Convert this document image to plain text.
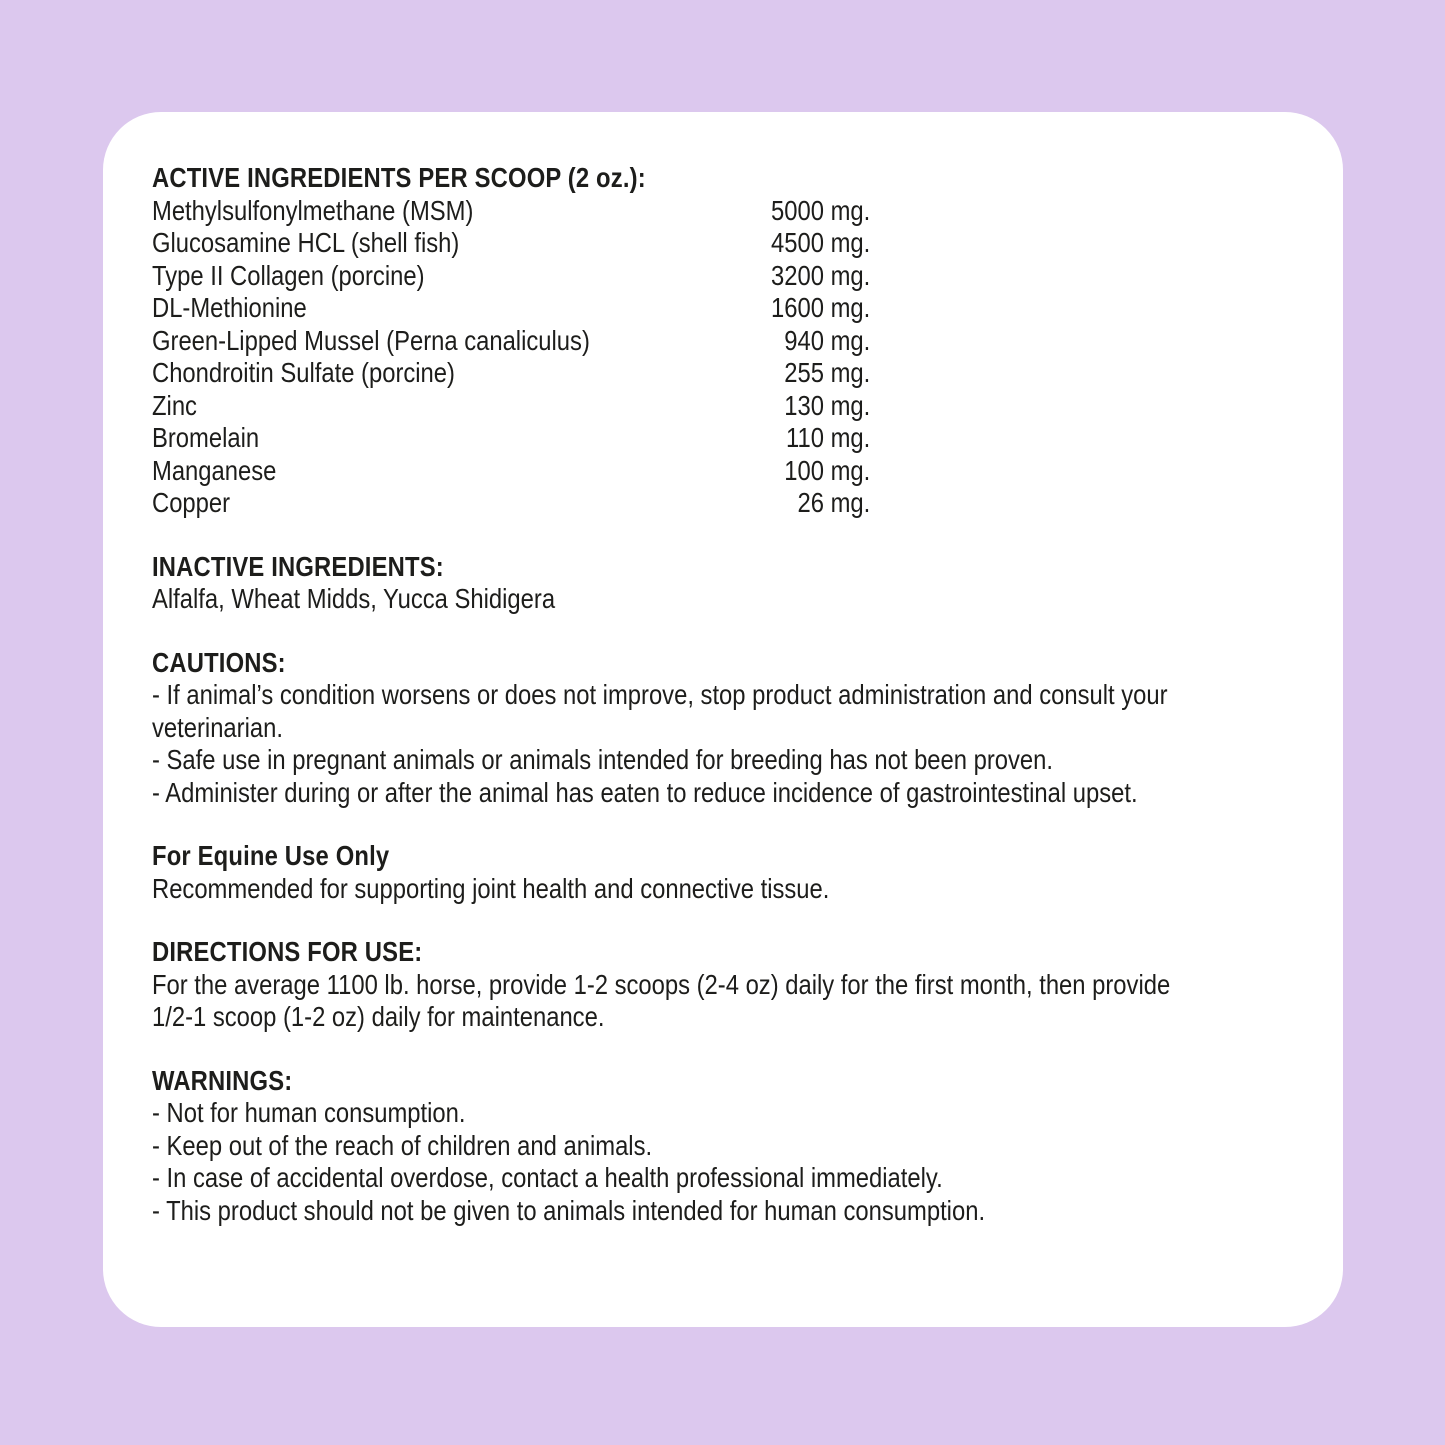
ACTIVE INGREDIENTS PER SCOOP (2 oz.):
Methylsulfonylmethane (MSM)	5000 mg.
Glucosamine HCL (shell fish)	4500 mg.
Type II Collagen (porcine)	3200 mg.
DL-Methionine	1600 mg.
Green-Lipped Mussel (Perna canaliculus)	940 mg.
Chondroitin Sulfate (porcine)	255 mg.
Zinc	130 mg.
Bromelain	110 mg.
Manganese	100 mg.
Copper	26 mg.
INACTIVE INGREDIENTS:
Alfalfa, Wheat Midds, Yucca Shidigera
CAUTIONS:
- If animal’s condition worsens or does not improve, stop product administration and consult your
veterinarian.
- Safe use in pregnant animals or animals intended for breeding has not been proven.
- Administer during or after the animal has eaten to reduce incidence of gastrointestinal upset.
For Equine Use Only
Recommended for supporting joint health and connective tissue.
DIRECTIONS FOR USE:
For the average 1100 lb. horse, provide 1-2 scoops (2-4 oz) daily for the first month, then provide
1/2-1 scoop (1-2 oz) daily for maintenance.
WARNINGS:
- Not for human consumption.
- Keep out of the reach of children and animals.
- In case of accidental overdose, contact a health professional immediately.
- This product should not be given to animals intended for human consumption.
